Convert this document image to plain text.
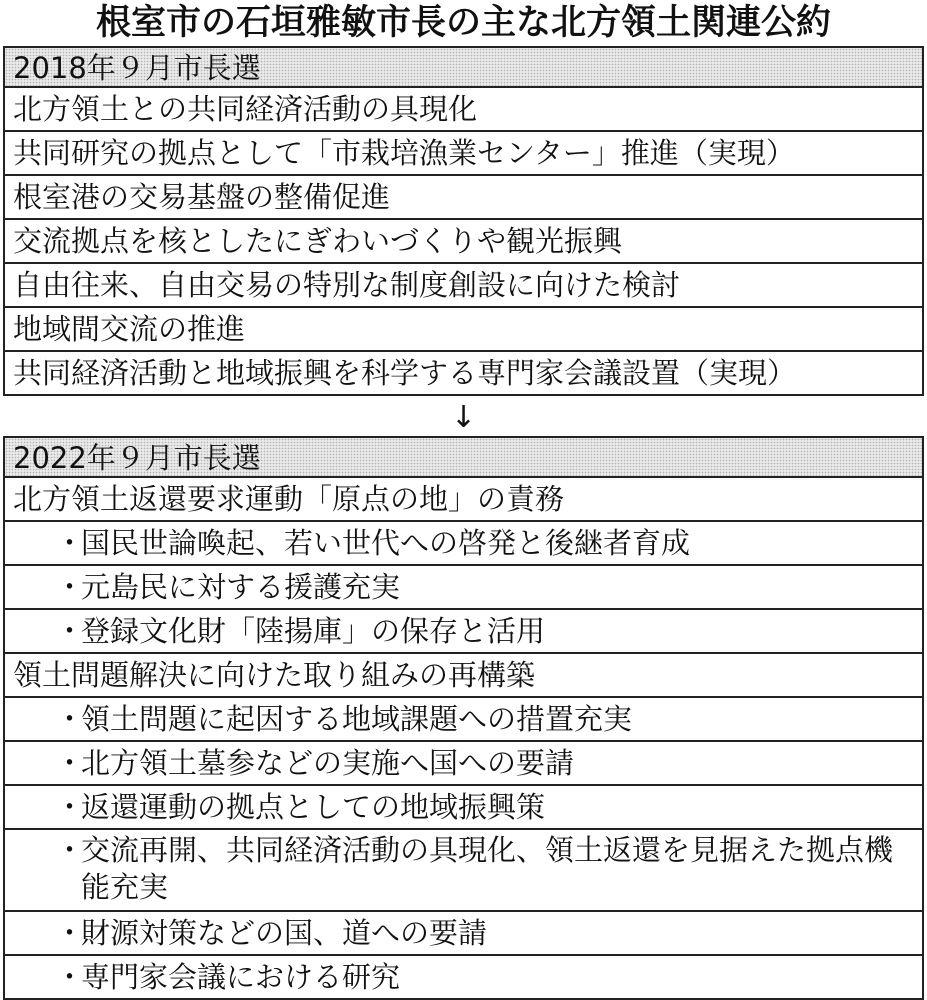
根室市の石垣雅敏市長の主な北方領土関連公約
2018年９月市長選
北方領土との共同経済活動の具現化
共同研究の拠点として「市栽培漁業センター」推進（実現）
根室港の交易基盤の整備促進
交流拠点を核としたにぎわいづくりや観光振興
自由往来、自由交易の特別な制度創設に向けた検討
地域間交流の推進
共同経済活動と地域振興を科学する専門家会議設置（実現）
↓
2022年９月市長選
北方領土返還要求運動「原点の地」の責務
・国民世論喚起、若い世代への啓発と後継者育成
・元島民に対する援護充実
・登録文化財「陸揚庫」の保存と活用
領土問題解決に向けた取り組みの再構築
・領土問題に起因する地域課題への措置充実
・北方領土墓参などの実施へ国への要請
・返還運動の拠点としての地域振興策
・交流再開、共同経済活動の具現化、領土返還を見据えた拠点機能充実
・財源対策などの国、道への要請
・専門家会議における研究
